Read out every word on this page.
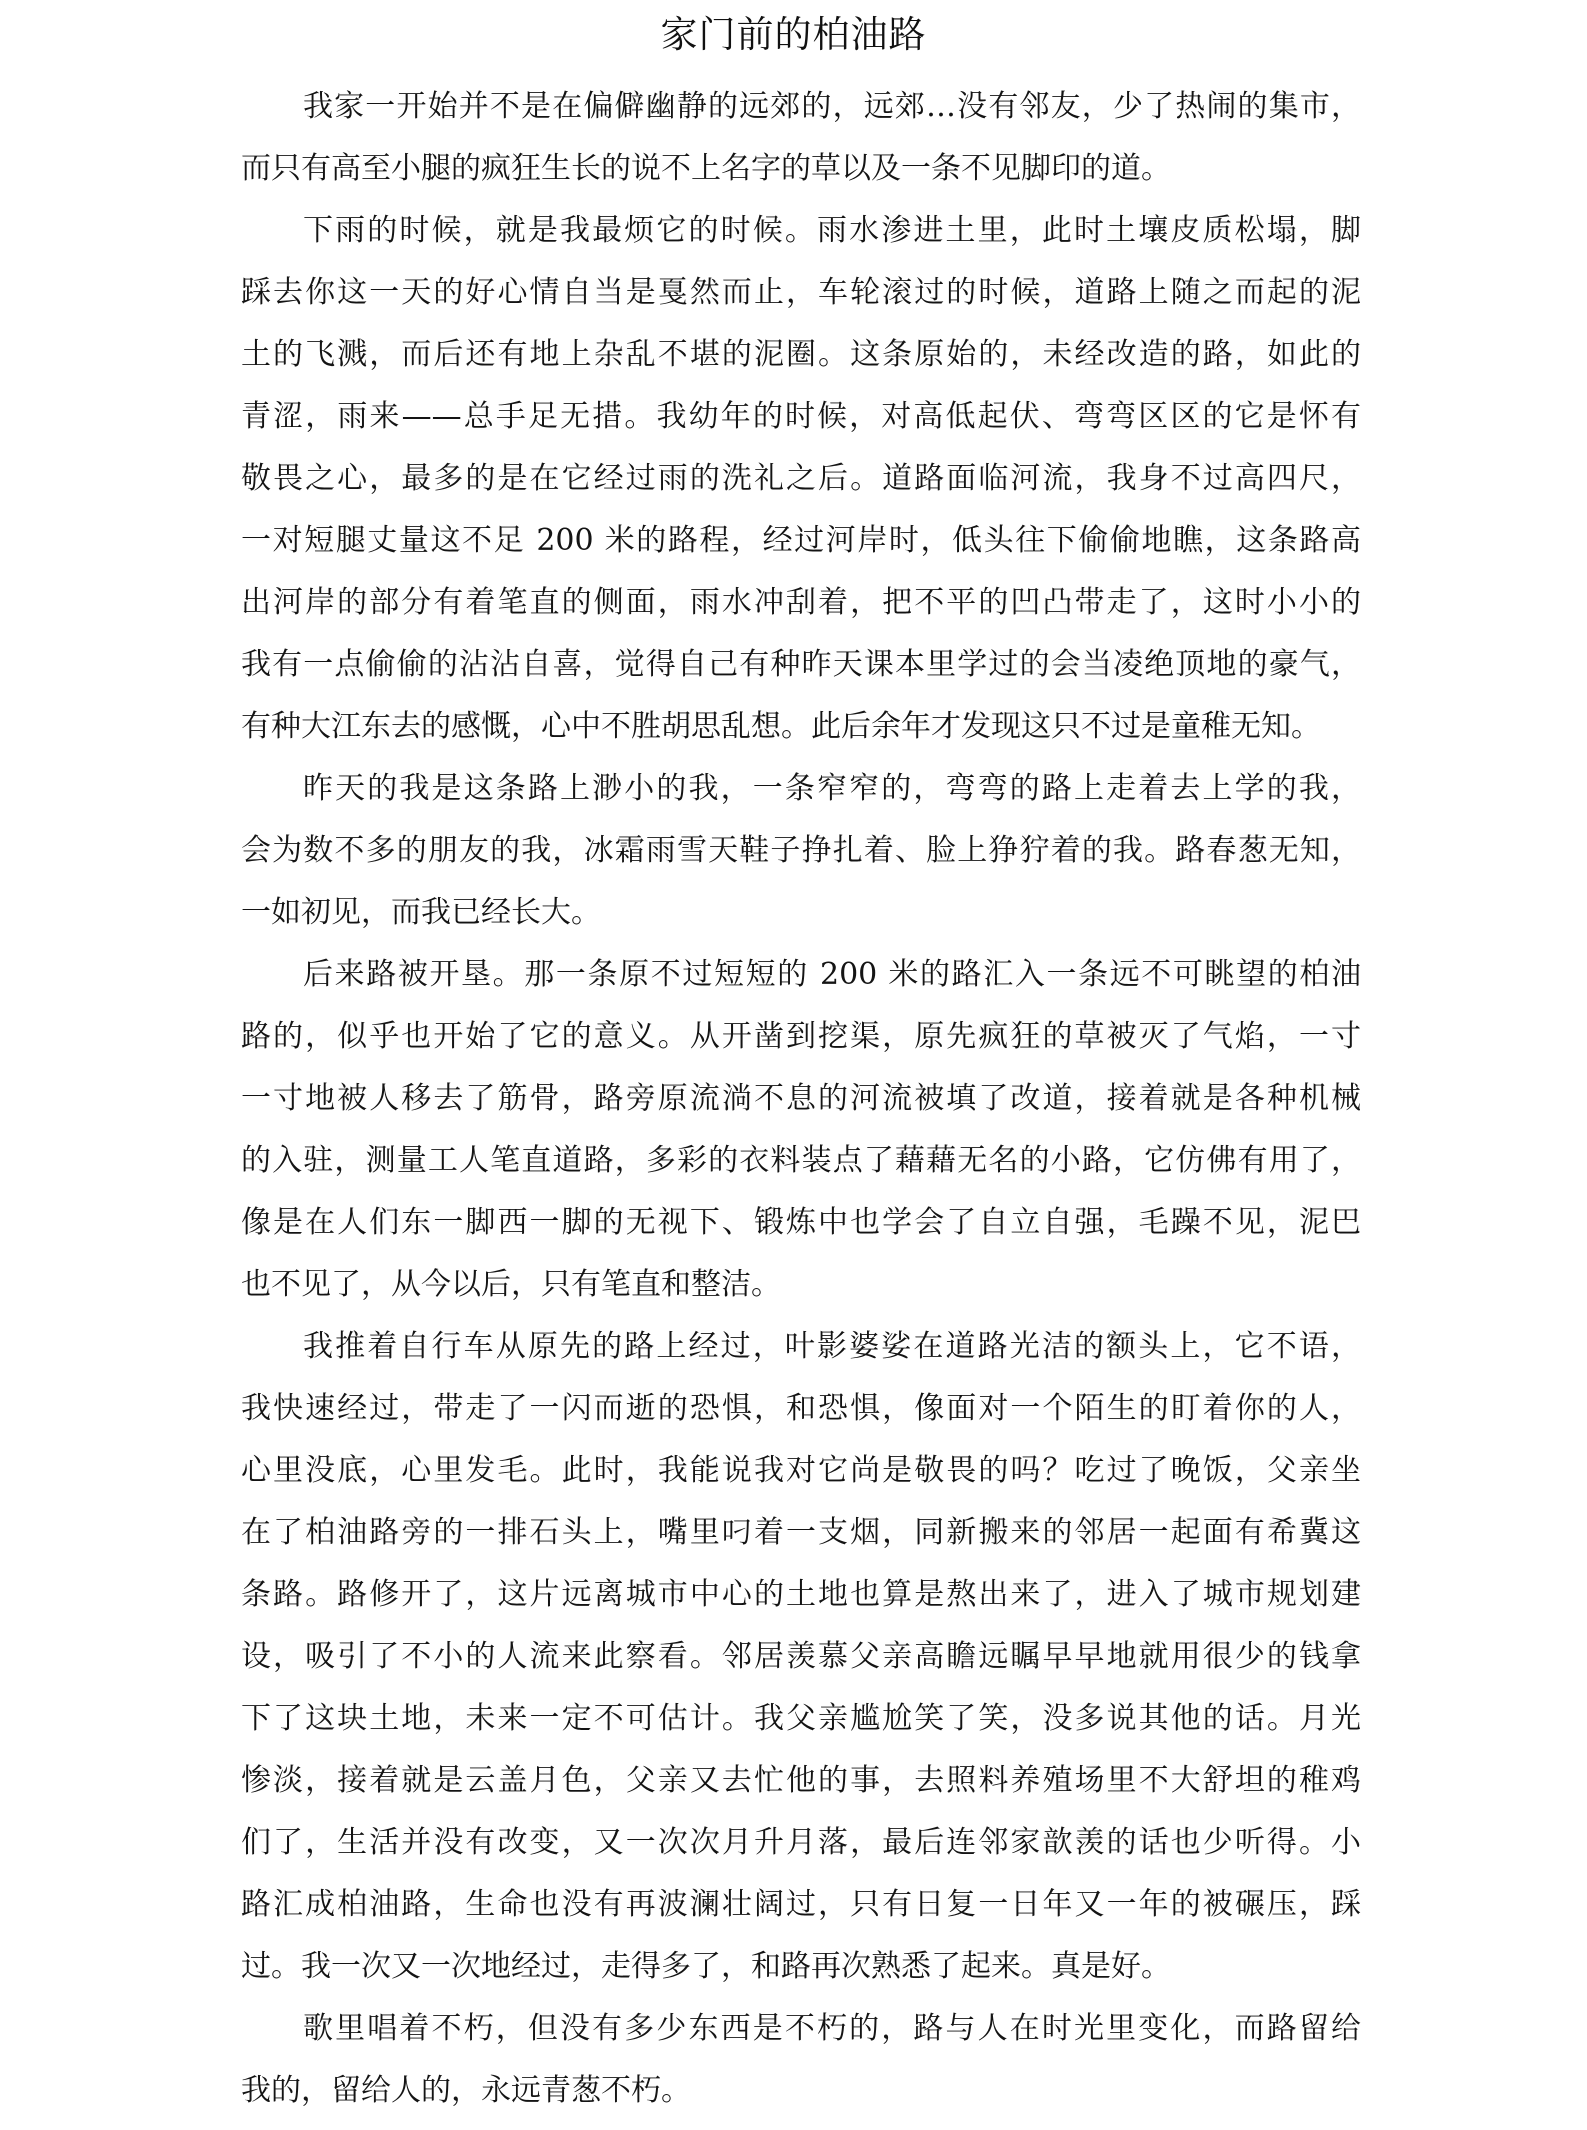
家门前的柏油路
我家一开始并不是在偏僻幽静的远郊的，远郊…没有邻友，少了热闹的集市，
而只有高至小腿的疯狂生长的说不上名字的草以及一条不见脚印的道。
下雨的时候，就是我最烦它的时候。雨水渗进土里，此时土壤皮质松塌，脚
踩去你这一天的好心情自当是戛然而止，车轮滚过的时候，道路上随之而起的泥
土的飞溅，而后还有地上杂乱不堪的泥圈。这条原始的，未经改造的路，如此的
青涩，雨来——总手足无措。我幼年的时候，对高低起伏、弯弯区区的它是怀有
敬畏之心，最多的是在它经过雨的洗礼之后。道路面临河流，我身不过高四尺，
一对短腿丈量这不足 200 米的路程，经过河岸时，低头往下偷偷地瞧，这条路高
出河岸的部分有着笔直的侧面，雨水冲刮着，把不平的凹凸带走了，这时小小的
我有一点偷偷的沾沾自喜，觉得自己有种昨天课本里学过的会当凌绝顶地的豪气，
有种大江东去的感慨，心中不胜胡思乱想。此后余年才发现这只不过是童稚无知。
昨天的我是这条路上渺小的我，一条窄窄的，弯弯的路上走着去上学的我，
会为数不多的朋友的我，冰霜雨雪天鞋子挣扎着、脸上狰狞着的我。路春葱无知，
一如初见，而我已经长大。
后来路被开垦。那一条原不过短短的 200 米的路汇入一条远不可眺望的柏油
路的，似乎也开始了它的意义。从开凿到挖渠，原先疯狂的草被灭了气焰，一寸
一寸地被人移去了筋骨，路旁原流淌不息的河流被填了改道，接着就是各种机械
的入驻，测量工人笔直道路，多彩的衣料装点了藉藉无名的小路，它仿佛有用了，
像是在人们东一脚西一脚的无视下、锻炼中也学会了自立自强，毛躁不见，泥巴
也不见了，从今以后，只有笔直和整洁。
我推着自行车从原先的路上经过，叶影婆娑在道路光洁的额头上，它不语，
我快速经过，带走了一闪而逝的恐惧，和恐惧，像面对一个陌生的盯着你的人，
心里没底，心里发毛。此时，我能说我对它尚是敬畏的吗？吃过了晚饭，父亲坐
在了柏油路旁的一排石头上，嘴里叼着一支烟，同新搬来的邻居一起面有希冀这
条路。路修开了，这片远离城市中心的土地也算是熬出来了，进入了城市规划建
设，吸引了不小的人流来此察看。邻居羡慕父亲高瞻远瞩早早地就用很少的钱拿
下了这块土地，未来一定不可估计。我父亲尴尬笑了笑，没多说其他的话。月光
惨淡，接着就是云盖月色，父亲又去忙他的事，去照料养殖场里不大舒坦的稚鸡
们了，生活并没有改变，又一次次月升月落，最后连邻家歆羡的话也少听得。小
路汇成柏油路，生命也没有再波澜壮阔过，只有日复一日年又一年的被碾压，踩
过。我一次又一次地经过，走得多了，和路再次熟悉了起来。真是好。
歌里唱着不朽，但没有多少东西是不朽的，路与人在时光里变化，而路留给
我的，留给人的，永远青葱不朽。
